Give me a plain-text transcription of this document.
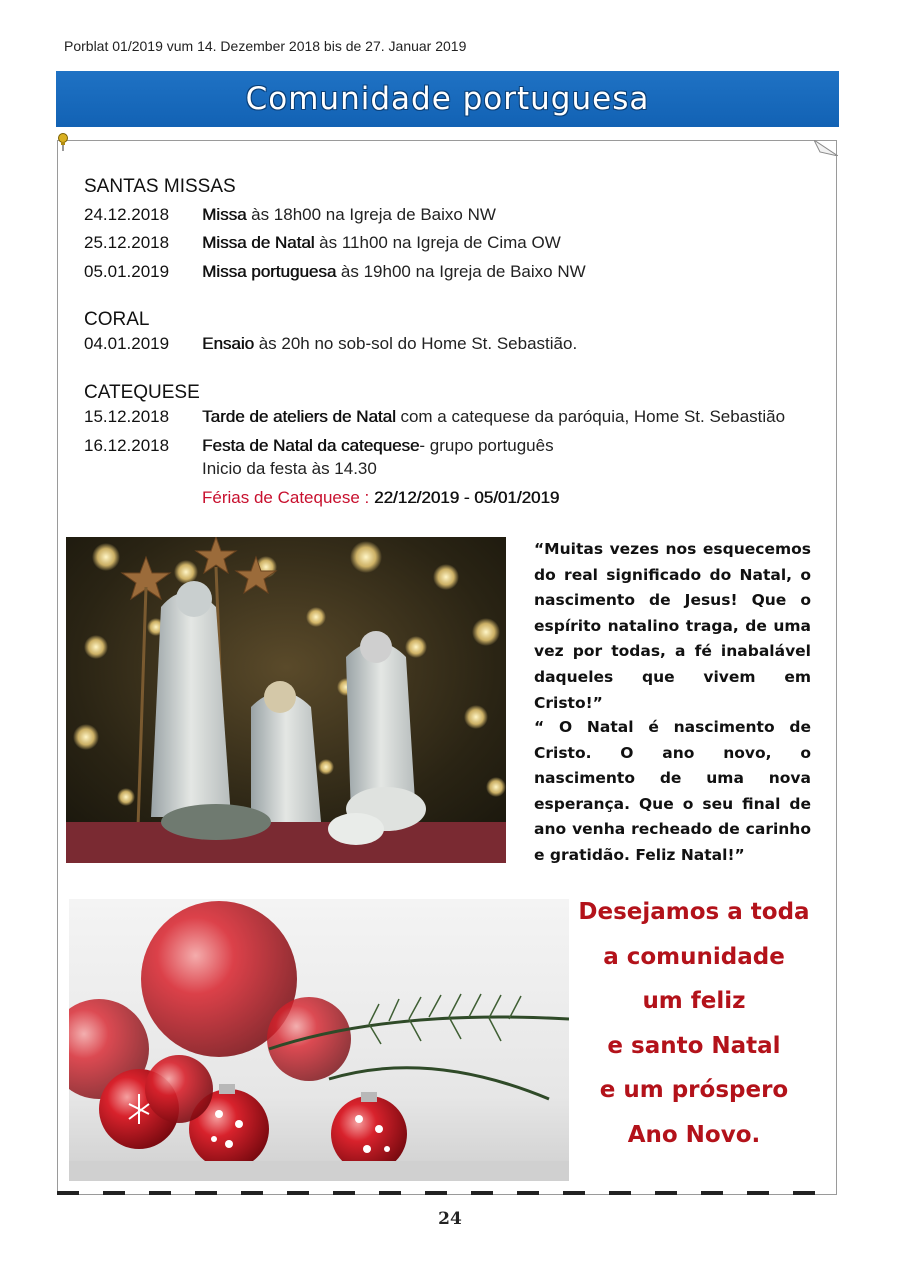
Porblat 01/2019 vum 14. Dezember 2018 bis de 27. Januar 2019
Comunidade portuguesa
SANTAS MISSAS
24.12.2018 Missa às 18h00 na Igreja de Baixo NW
25.12.2018 Missa de Natal às 11h00 na Igreja de Cima OW
05.01.2019 Missa portuguesa às 19h00 na Igreja de Baixo NW
CORAL
04.01.2019 Ensaio às 20h no sob-sol do Home St. Sebastião.
CATEQUESE
15.12.2018 Tarde de ateliers de Natal com a catequese da paróquia, Home St. Sebastião
16.12.2018 Festa de Natal da catequese- grupo português
Inicio da festa às 14.30
Férias de Catequese : 22/12/2019 - 05/01/2019

“Muitas vezes nos esquecemos do real significado do Natal, o nascimento de Jesus! Que o espírito natalino traga, de uma vez por todas, a fé inabalável daqueles que vivem em Cristo!”

“ O Natal é nascimento de Cristo. O ano novo, o nascimento de uma nova esperança. Que o seu final de ano venha recheado de carinho e gratidão. Feliz Natal!”

Desejamos a toda
a comunidade
um feliz
e santo Natal
e um próspero
Ano Novo.
24
